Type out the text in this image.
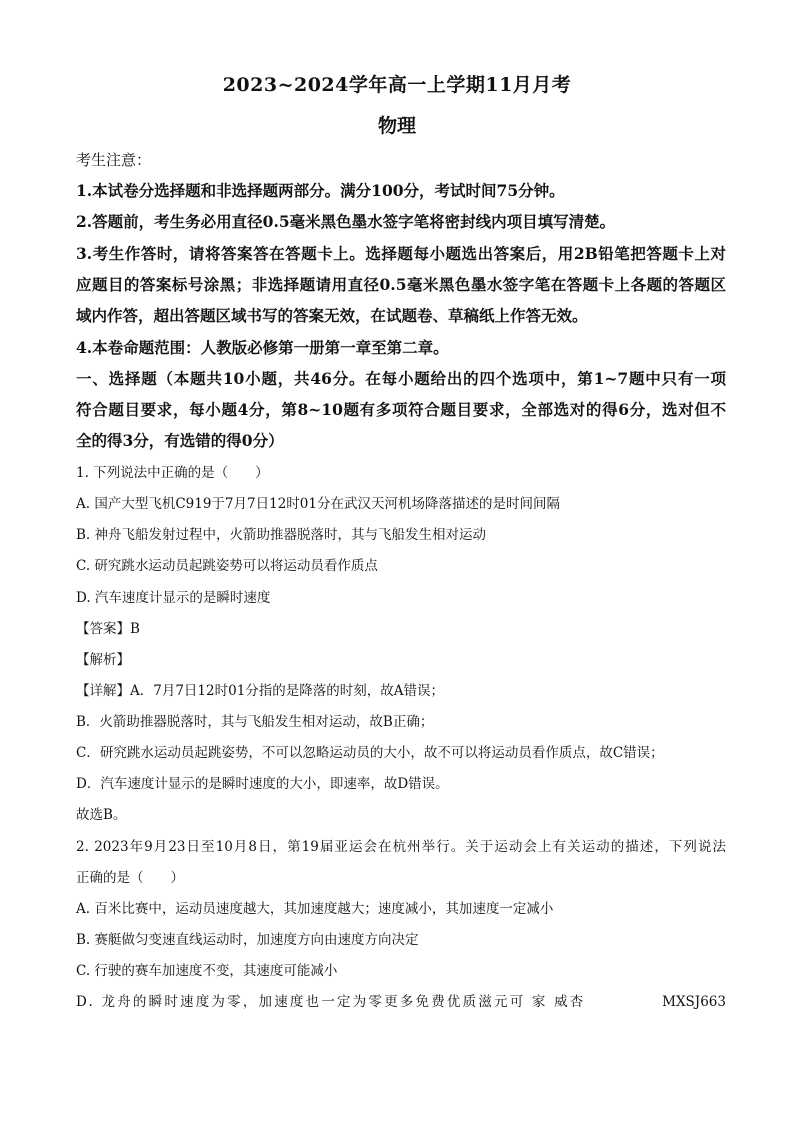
2023~2024学年高一上学期11月月考
物理
考生注意：
1.本试卷分选择题和非选择题两部分。满分100分，考试时间75分钟。
2.答题前，考生务必用直径0.5毫米黑色墨水签字笔将密封线内项目填写清楚。
3.考生作答时，请将答案答在答题卡上。选择题每小题选出答案后，用2B铅笔把答题卡上对
应题目的答案标号涂黑；非选择题请用直径0.5毫米黑色墨水签字笔在答题卡上各题的答题区
域内作答，超出答题区域书写的答案无效，在试题卷、草稿纸上作答无效。
4.本卷命题范围：人教版必修第一册第一章至第二章。
一、选择题（本题共10小题，共46分。在每小题给出的四个选项中，第1~7题中只有一项
符合题目要求，每小题4分，第8~10题有多项符合题目要求，全部选对的得6分，选对但不
全的得3分，有选错的得0分）
1. 下列说法中正确的是（　　）
A. 国产大型飞机C919于7月7日12时01分在武汉天河机场降落描述的是时间间隔
B. 神舟飞船发射过程中，火箭助推器脱落时，其与飞船发生相对运动
C. 研究跳水运动员起跳姿势可以将运动员看作质点
D. 汽车速度计显示的是瞬时速度
【答案】B
【解析】
【详解】A．7月7日12时01分指的是降落的时刻，故A错误；
B．火箭助推器脱落时，其与飞船发生相对运动，故B正确；
C．研究跳水运动员起跳姿势，不可以忽略运动员的大小，故不可以将运动员看作质点，故C错误；
D．汽车速度计显示的是瞬时速度的大小，即速率，故D错误。
故选B。
2. 2023年9月23日至10月8日，第19届亚运会在杭州举行。关于运动会上有关运动的描述，下列说法
正确的是（　　）
A. 百米比赛中，运动员速度越大，其加速度越大；速度减小，其加速度一定减小
B. 赛艇做匀变速直线运动时，加速度方向由速度方向决定
C. 行驶的赛车加速度不变，其速度可能减小
D. 龙舟的瞬时速度为零，加速度也一定为零更多免费优质滋元可 家 威杏	MXSJ663
